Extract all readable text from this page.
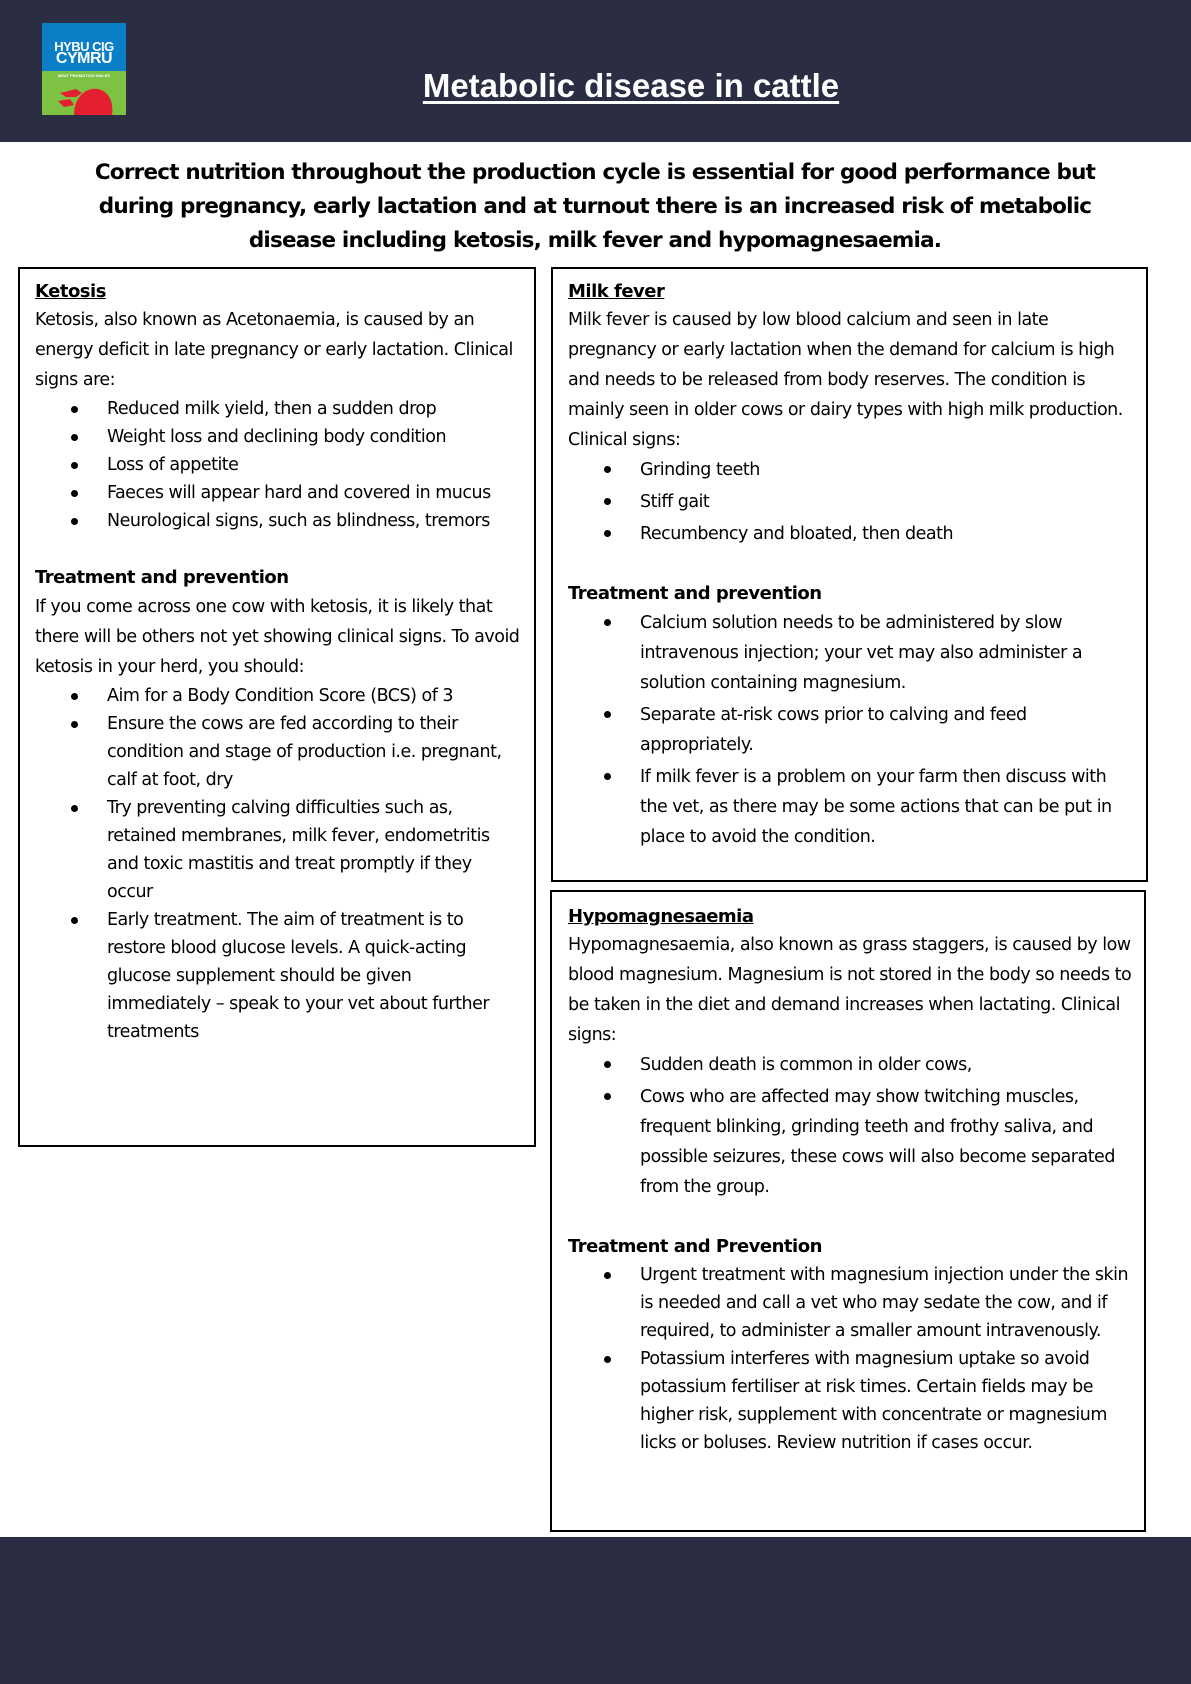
HYBU CIG
CYMRU
MEAT PROMOTION WALES	Metabolic disease in cattle
Correct nutrition throughout the production cycle is essential for good performance but during pregnancy, early lactation and at turnout there is an increased risk of metabolic disease including ketosis, milk fever and hypomagnesaemia.
Ketosis

Ketosis, also known as Acetonaemia, is caused by an energy deficit in late pregnancy or early lactation. Clinical signs are:

Reduced milk yield, then a sudden drop
Weight loss and declining body condition
Loss of appetite
Faeces will appear hard and covered in mucus
Neurological signs, such as blindness, tremors
Treatment and prevention

If you come across one cow with ketosis, it is likely that there will be others not yet showing clinical signs. To avoid ketosis in your herd, you should:

Aim for a Body Condition Score (BCS) of 3
Ensure the cows are fed according to their condition and stage of production i.e. pregnant, calf at foot, dry
Try preventing calving difficulties such as, retained membranes, milk fever, endometritis and toxic mastitis and treat promptly if they occur
Early treatment. The aim of treatment is to restore blood glucose levels. A quick-acting glucose supplement should be given immediately – speak to your vet about further treatments
Milk fever

Milk fever is caused by low blood calcium and seen in late pregnancy or early lactation when the demand for calcium is high and needs to be released from body reserves. The condition is mainly seen in older cows or dairy types with high milk production. Clinical signs:

Grinding teeth
Stiff gait
Recumbency and bloated, then death
Treatment and prevention
Calcium solution needs to be administered by slow intravenous injection; your vet may also administer a solution containing magnesium.
Separate at-risk cows prior to calving and feed appropriately.
If milk fever is a problem on your farm then discuss with the vet, as there may be some actions that can be put in place to avoid the condition.
Hypomagnesaemia

Hypomagnesaemia, also known as grass staggers, is caused by low blood magnesium. Magnesium is not stored in the body so needs to be taken in the diet and demand increases when lactating. Clinical signs:

Sudden death is common in older cows,
Cows who are affected may show twitching muscles, frequent blinking, grinding teeth and frothy saliva, and possible seizures, these cows will also become separated from the group.
Treatment and Prevention
Urgent treatment with magnesium injection under the skin is needed and call a vet who may sedate the cow, and if required, to administer a smaller amount intravenously.
Potassium interferes with magnesium uptake so avoid potassium fertiliser at risk times. Certain fields may be higher risk, supplement with concentrate or magnesium licks or boluses. Review nutrition if cases occur.
